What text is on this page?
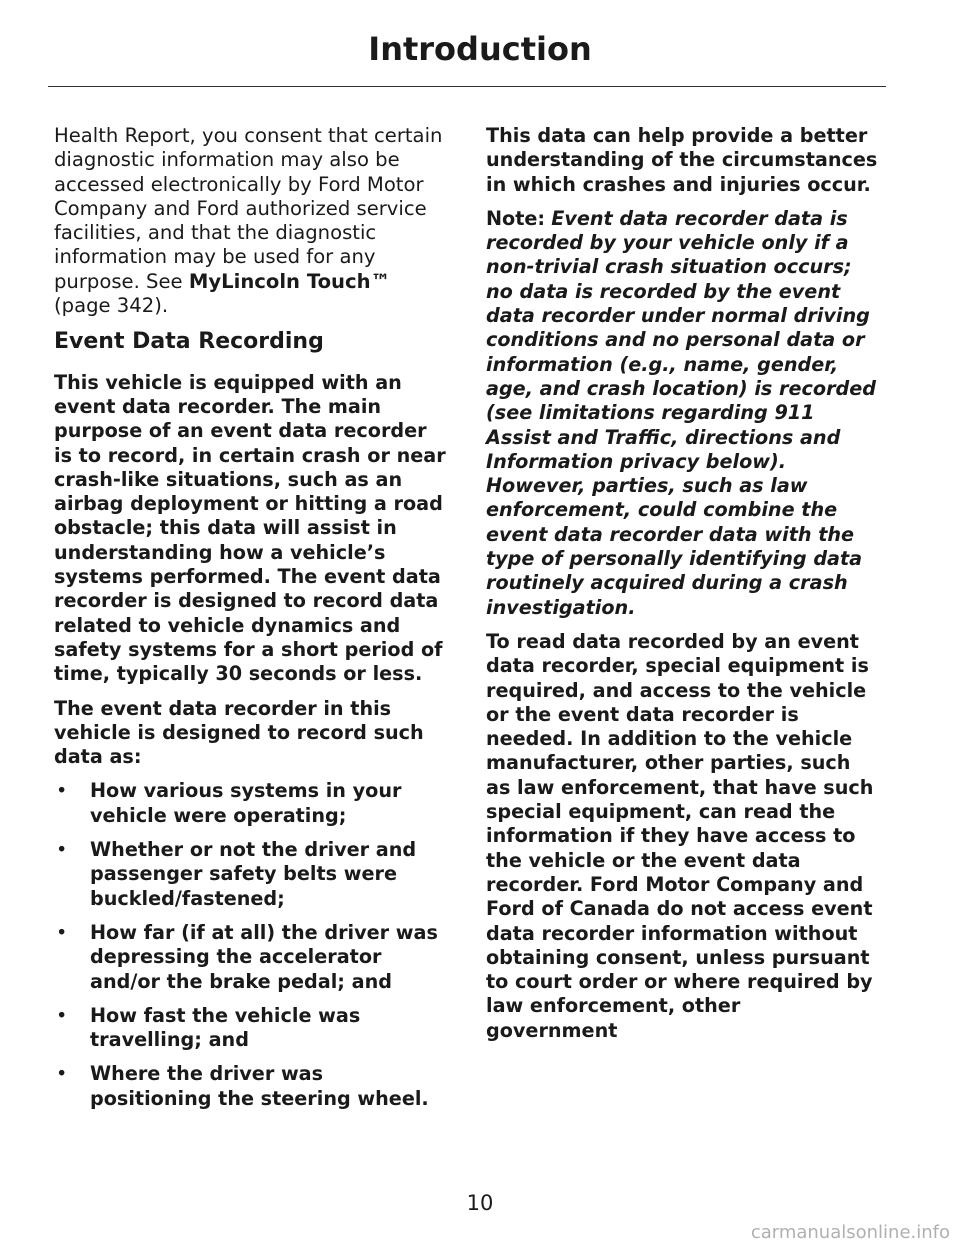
Introduction

Health Report, you consent that certain diagnostic information may also be accessed electronically by Ford Motor Company and Ford authorized service facilities, and that the diagnostic information may be used for any purpose. See MyLincoln Touch™ (page 342).

Event Data Recording

This vehicle is equipped with an event data recorder. The main purpose of an event data recorder is to record, in certain crash or near crash-like situations, such as an airbag deployment or hitting a road obstacle; this data will assist in understanding how a vehicle’s systems performed. The event data recorder is designed to record data related to vehicle dynamics and safety systems for a short period of time, typically 30 seconds or less.

The event data recorder in this vehicle is designed to record such data as:

• How various systems in your vehicle were operating;
• Whether or not the driver and passenger safety belts were buckled/fastened;
• How far (if at all) the driver was depressing the accelerator and/or the brake pedal; and
• How fast the vehicle was travelling; and
• Where the driver was positioning the steering wheel.

This data can help provide a better understanding of the circumstances in which crashes and injuries occur.

Note: Event data recorder data is recorded by your vehicle only if a non-trivial crash situation occurs; no data is recorded by the event data recorder under normal driving conditions and no personal data or information (e.g., name, gender, age, and crash location) is recorded (see limitations regarding 911 Assist and Traffic, directions and Information privacy below). However, parties, such as law enforcement, could combine the event data recorder data with the type of personally identifying data routinely acquired during a crash investigation.

To read data recorded by an event data recorder, special equipment is required, and access to the vehicle or the event data recorder is needed. In addition to the vehicle manufacturer, other parties, such as law enforcement, that have such special equipment, can read the information if they have access to the vehicle or the event data recorder. Ford Motor Company and Ford of Canada do not access event data recorder information without obtaining consent, unless pursuant to court order or where required by law enforcement, other government

10
carmanualsonline.info
